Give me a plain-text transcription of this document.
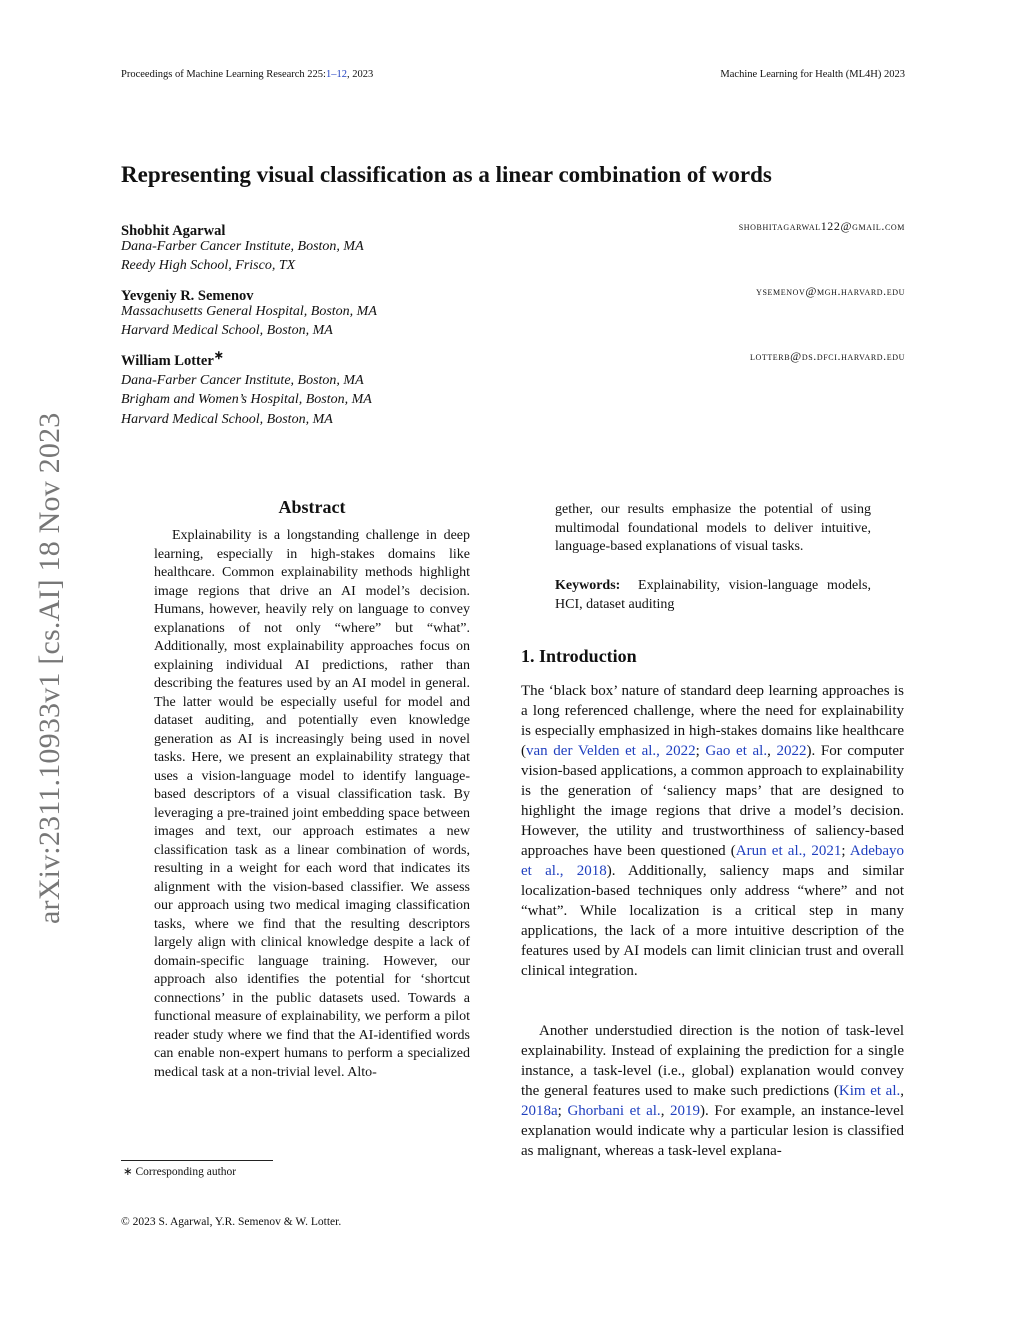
Proceedings of Machine Learning Research 225:1–12, 2023	Machine Learning for Health (ML4H) 2023
arXiv:2311.10933v1 [cs.AI] 18 Nov 2023
Representing visual classification as a linear combination of words
Shobhit Agarwal	shobhitagarwal122@gmail.com
Dana-Farber Cancer Institute, Boston, MA
Reedy High School, Frisco, TX
Yevgeniy R. Semenov	ysemenov@mgh.harvard.edu
Massachusetts General Hospital, Boston, MA
Harvard Medical School, Boston, MA
William Lotter∗	lotterb@ds.dfci.harvard.edu
Dana-Farber Cancer Institute, Boston, MA
Brigham and Women’s Hospital, Boston, MA
Harvard Medical School, Boston, MA
Abstract
Explainability is a longstanding challenge in deep learning, especially in high-stakes domains like healthcare. Common explainability methods highlight image regions that drive an AI model’s decision. Humans, however, heavily rely on language to convey explanations of not only “where” but “what”. Additionally, most explainability approaches focus on explaining individual AI predictions, rather than describing the features used by an AI model in general. The latter would be especially useful for model and dataset auditing, and potentially even knowledge generation as AI is increasingly being used in novel tasks. Here, we present an explainability strategy that uses a vision-language model to identify language-based descriptors of a visual classification task. By leveraging a pre-trained joint embedding space between images and text, our approach estimates a new classification task as a linear combination of words, resulting in a weight for each word that indicates its alignment with the vision-based classifier. We assess our approach using two medical imaging classification tasks, where we find that the resulting descriptors largely align with clinical knowledge despite a lack of domain-specific language training. However, our approach also identifies the potential for ‘shortcut connections’ in the public datasets used. Towards a functional measure of explainability, we perform a pilot reader study where we find that the AI-identified words can enable non-expert humans to perform a specialized medical task at a non-trivial level. Alto-
gether, our results emphasize the potential of using multimodal foundational models to deliver intuitive, language-based explanations of visual tasks.
Keywords: Explainability, vision-language models, HCI, dataset auditing
1. Introduction
The ‘black box’ nature of standard deep learning approaches is a long referenced challenge, where the need for explainability is especially emphasized in high-stakes domains like healthcare (van der Velden et al., 2022; Gao et al., 2022). For computer vision-based applications, a common approach to explainability is the generation of ‘saliency maps’ that are designed to highlight the image regions that drive a model’s decision. However, the utility and trustworthiness of saliency-based approaches have been questioned (Arun et al., 2021; Adebayo et al., 2018). Additionally, saliency maps and similar localization-based techniques only address “where” and not “what”. While localization is a critical step in many applications, the lack of a more intuitive description of the features used by AI models can limit clinician trust and overall clinical integration.
Another understudied direction is the notion of task-level explainability. Instead of explaining the prediction for a single instance, a task-level (i.e., global) explanation would convey the general features used to make such predictions (Kim et al., 2018a; Ghorbani et al., 2019). For example, an instance-level explanation would indicate why a particular lesion is classified as malignant, whereas a task-level explana-
∗ Corresponding author
© 2023 S. Agarwal, Y.R. Semenov & W. Lotter.
